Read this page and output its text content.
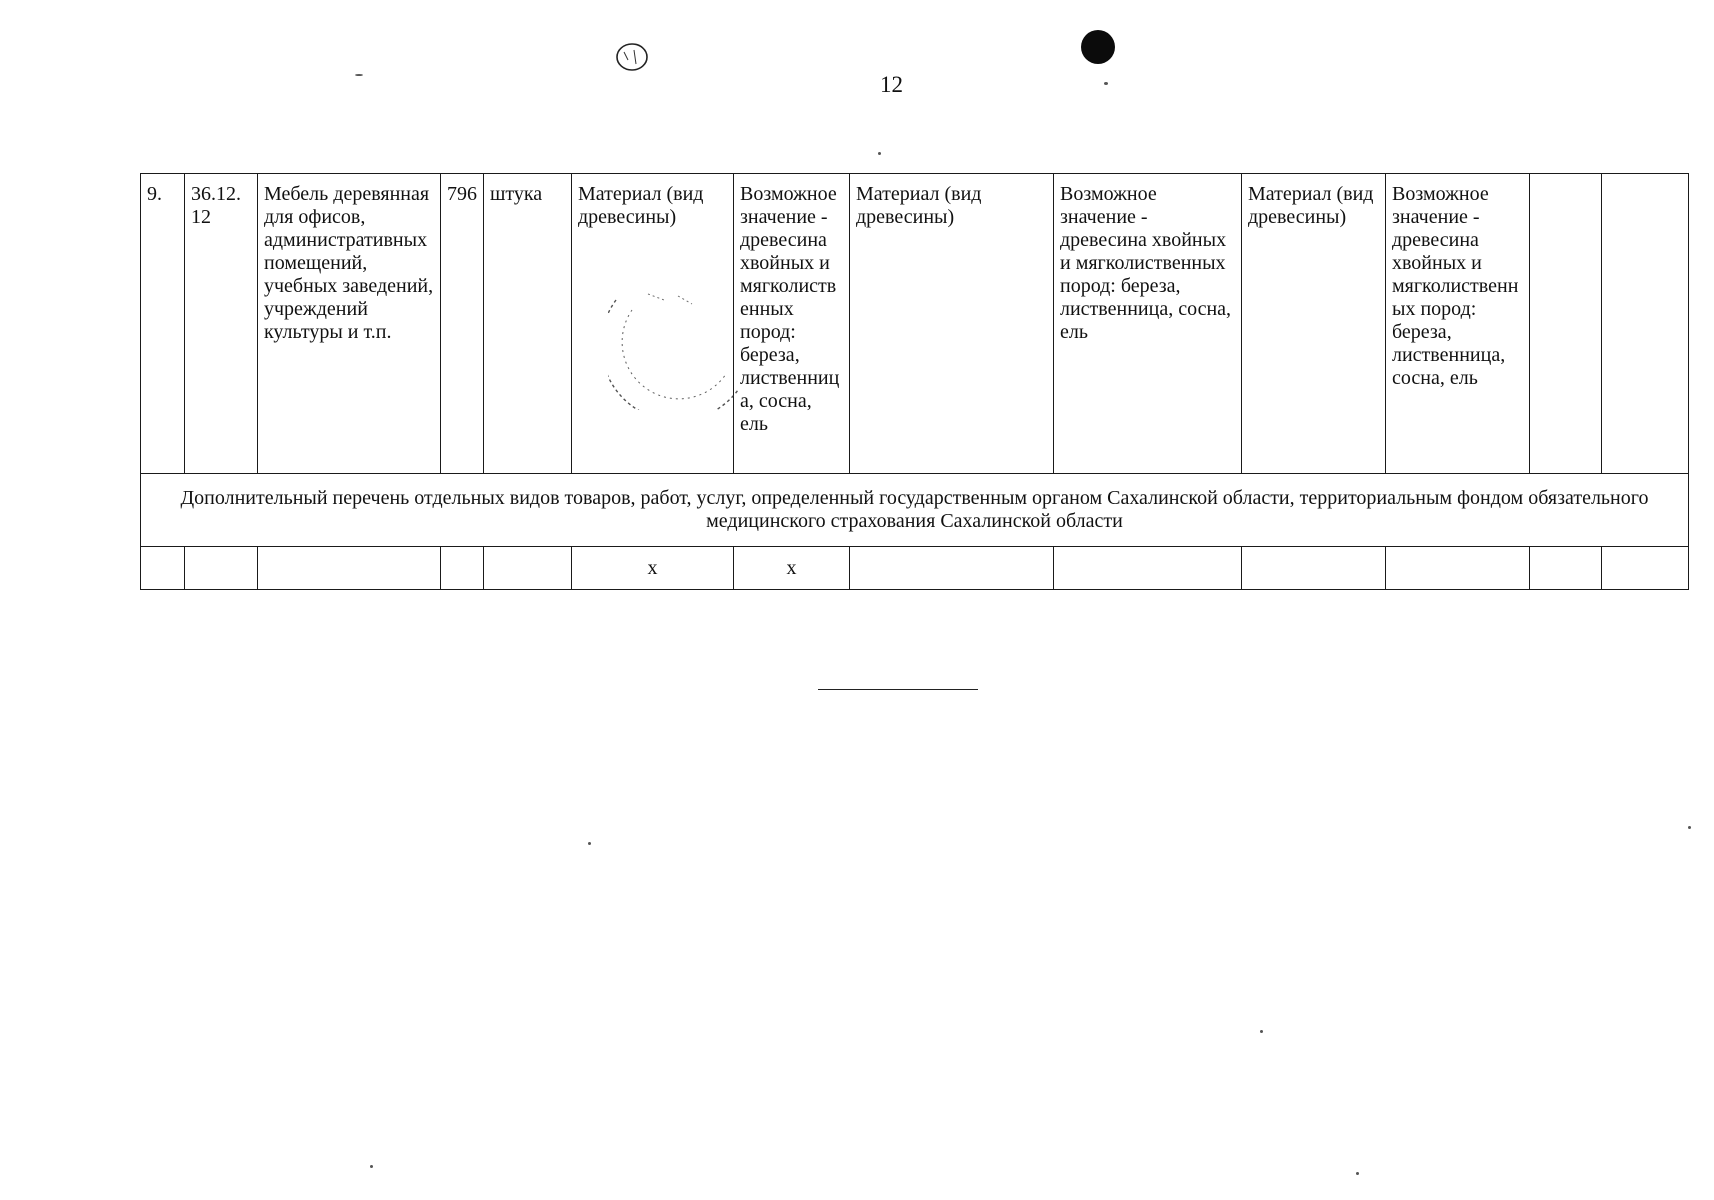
12
9.	36.12. 12	Мебель деревянная для офисов, административных помещений, учебных заведений, учреждений культуры и т.п.	796	штука	Материал (вид древесины)	Возможное значение - древесина хвойных и мягколиственных пород: береза, лиственница, сосна, ель	Материал (вид древесины)	Возможное значение - древесина хвойных и мягколиственных пород: береза, лиственница, сосна, ель	Материал (вид древесины)	Возможное значение - древесина хвойных и мягколиственных пород: береза, лиственница, сосна, ель		
Дополнительный перечень отдельных видов товаров, работ, услуг, определенный государственным органом Сахалинской области, территориальным фондом обязательного медицинского страхования Сахалинской области												
					x	x						
